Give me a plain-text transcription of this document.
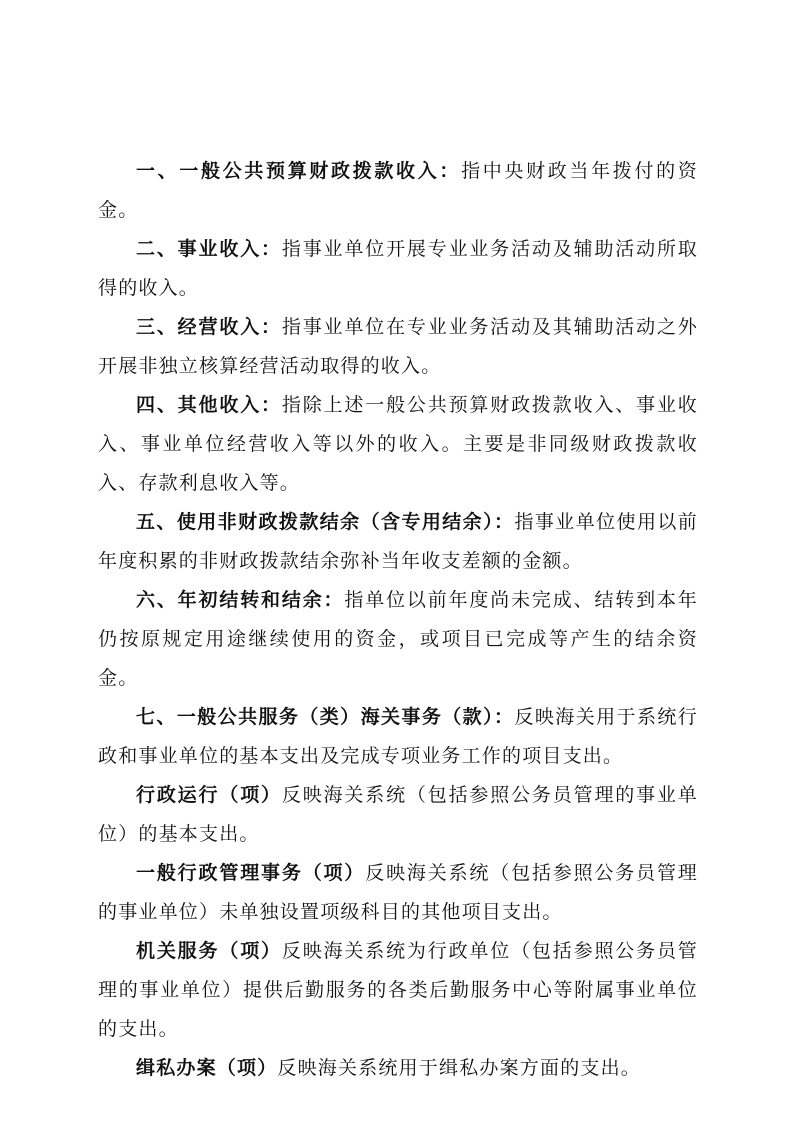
一、一般公共预算财政拨款收入：指中央财政当年拨付的资金。

二、事业收入：指事业单位开展专业业务活动及辅助活动所取得的收入。

三、经营收入：指事业单位在专业业务活动及其辅助活动之外开展非独立核算经营活动取得的收入。

四、其他收入：指除上述一般公共预算财政拨款收入、事业收入、事业单位经营收入等以外的收入。主要是非同级财政拨款收入、存款利息收入等。

五、使用非财政拨款结余（含专用结余）：指事业单位使用以前年度积累的非财政拨款结余弥补当年收支差额的金额。

六、年初结转和结余：指单位以前年度尚未完成、结转到本年仍按原规定用途继续使用的资金，或项目已完成等产生的结余资金。

七、一般公共服务（类）海关事务（款）：反映海关用于系统行政和事业单位的基本支出及完成专项业务工作的项目支出。

行政运行（项）反映海关系统（包括参照公务员管理的事业单位）的基本支出。

一般行政管理事务（项）反映海关系统（包括参照公务员管理的事业单位）未单独设置项级科目的其他项目支出。

机关服务（项）反映海关系统为行政单位（包括参照公务员管理的事业单位）提供后勤服务的各类后勤服务中心等附属事业单位的支出。

缉私办案（项）反映海关系统用于缉私办案方面的支出。
